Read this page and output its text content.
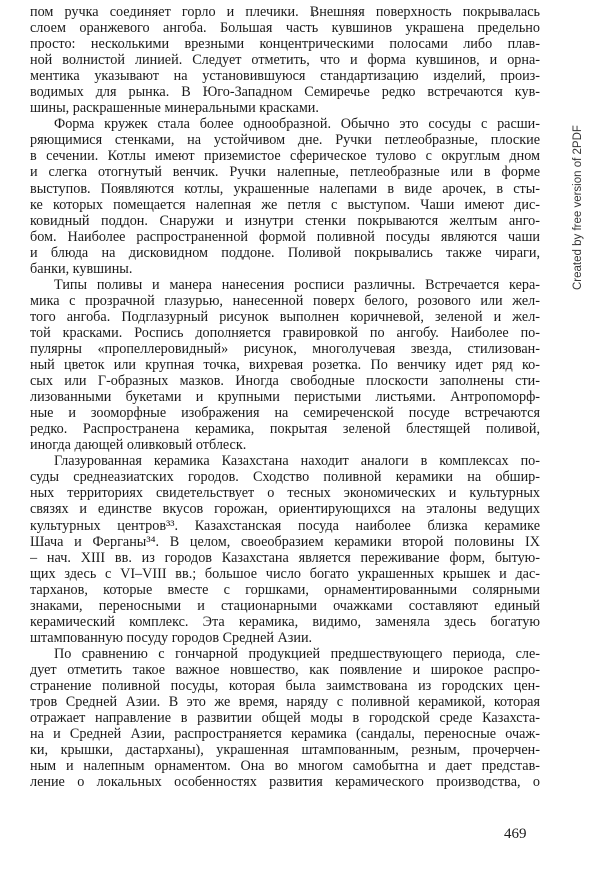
пом ручка соединяет горло и плечики. Внешняя поверхность покрывалась
слоем оранжевого ангоба. Большая часть кувшинов украшена предельно
просто: несколькими врезными концентрическими полосами либо плав-
ной волнистой линией. Следует отметить, что и форма кувшинов, и орна-
ментика указывают на установившуюся стандартизацию изделий, произ-
водимых для рынка. В Юго-Западном Семиречье редко встречаются кув-
шины, раскрашенные минеральными красками.
Форма кружек стала более однообразной. Обычно это сосуды с расши-
ряющимися стенками, на устойчивом дне. Ручки петлеобразные, плоские
в сечении. Котлы имеют приземистое сферическое тулово с округлым дном
и слегка отогнутый венчик. Ручки налепные, петлеобразные или в форме
выступов. Появляются котлы, украшенные налепами в виде арочек, в сты-
ке которых помещается налепная же петля с выступом. Чаши имеют дис-
ковидный поддон. Снаружи и изнутри стенки покрываются желтым анго-
бом. Наиболее распространенной формой поливной посуды являются чаши
и блюда на дисковидном поддоне. Поливой покрывались также чираги,
банки, кувшины.
Типы поливы и манера нанесения росписи различны. Встречается кера-
мика с прозрачной глазурью, нанесенной поверх белого, розового или жел-
того ангоба. Подглазурный рисунок выполнен коричневой, зеленой и жел-
той красками. Роспись дополняется гравировкой по ангобу. Наиболее по-
пулярны «пропеллеровидный» рисунок, многолучевая звезда, стилизован-
ный цветок или крупная точка, вихревая розетка. По венчику идет ряд ко-
сых или Г-образных мазков. Иногда свободные плоскости заполнены сти-
лизованными букетами и крупными перистыми листьями. Антропоморф-
ные и зооморфные изображения на семиреченской посуде встречаются
редко. Распространена керамика, покрытая зеленой блестящей поливой,
иногда дающей оливковый отблеск.
Глазурованная керамика Казахстана находит аналоги в комплексах по-
суды среднеазиатских городов. Сходство поливной керамики на обшир-
ных территориях свидетельствует о тесных экономических и культурных
связях и единстве вкусов горожан, ориентирующихся на эталоны ведущих
культурных центров³³. Казахстанская посуда наиболее близка керамике
Шача и Ферганы³⁴. В целом, своеобразием керамики второй половины IX
– нач. XIII вв. из городов Казахстана является переживание форм, бытую-
щих здесь с VI–VIII вв.; большое число богато украшенных крышек и дас-
тарханов, которые вместе с горшками, орнаментированными солярными
знаками, переносными и стационарными очажками составляют единый
керамический комплекс. Эта керамика, видимо, заменяла здесь богатую
штампованную посуду городов Средней Азии.
По сравнению с гончарной продукцией предшествующего периода, сле-
дует отметить такое важное новшество, как появление и широкое распро-
странение поливной посуды, которая была заимствована из городских цен-
тров Средней Азии. В это же время, наряду с поливной керамикой, которая
отражает направление в развитии общей моды в городской среде Казахста-
на и Средней Азии, распространяется керамика (сандалы, переносные очаж-
ки, крышки, дастарханы), украшенная штампованным, резным, прочерчен-
ным и налепным орнаментом. Она во многом самобытна и дает представ-
ление о локальных особенностях развития керамического производства, о
469
Created by free version of 2PDF
